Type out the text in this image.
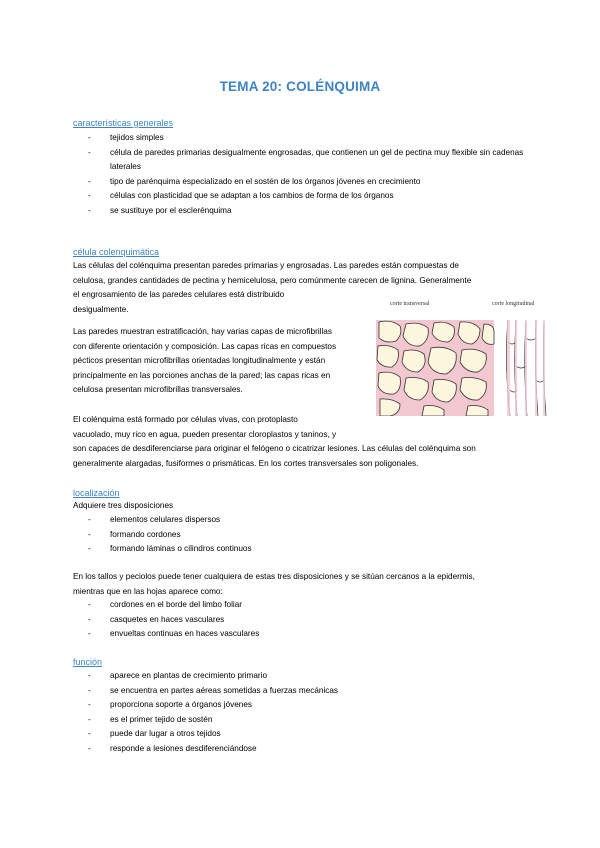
TEMA 20: COLÉNQUIMA
características generales
- tejidos simples
- célula de paredes primarias desigualmente engrosadas, que contienen un gel de pectina muy flexible sin cadenas laterales
- tipo de parénquima especializado en el sostén de los órganos jóvenes en crecimiento
- células con plasticidad que se adaptan a los cambios de forma de los órganos
- se sustituye por el esclerénquima
célula colenquimática
Las células del colénquima presentan paredes primarias y engrosadas. Las paredes están compuestas de
celulosa, grandes cantidades de pectina y hemicelulosa, pero comúnmente carecen de lignina. Generalmente
el engrosamiento de las paredes celulares está distribuido
desigualmente.
Las paredes muestran estratificación, hay varias capas de microfibrillas
con diferente orientación y composición. Las capas ricas en compuestos
pécticos presentan microfibrillas orientadas longitudinalmente y están
principalmente en las porciones anchas de la pared; las capas ricas en
celulosa presentan microfibrillas transversales.
El colénquima está formado por células vivas, con protoplasto
vacuolado, muy rico en agua, pueden presentar cloroplastos y taninos, y
son capaces de desdiferenciarse para originar el felógeno o cicatrizar lesiones. Las células del colénquima son
generalmente alargadas, fusiformes o prismáticas. En los cortes transversales son poligonales.
corte transversal	corte longitudinal
localización
Adquiere tres disposiciones
- elementos celulares dispersos
- formando cordones
- formando láminas o cilindros continuos
En los tallos y peciolos puede tener cualquiera de estas tres disposiciones y se sitúan cercanos a la epidermis,
mientras que en las hojas aparece como:
- cordones en el borde del limbo foliar
- casquetes en haces vasculares
- envueltas continuas en haces vasculares
función
- aparece en plantas de crecimiento primario
- se encuentra en partes aéreas sometidas a fuerzas mecánicas
- proporciona soporte a órganos jóvenes
- es el primer tejido de sostén
- puede dar lugar a otros tejidos
- responde a lesiones desdiferenciándose
